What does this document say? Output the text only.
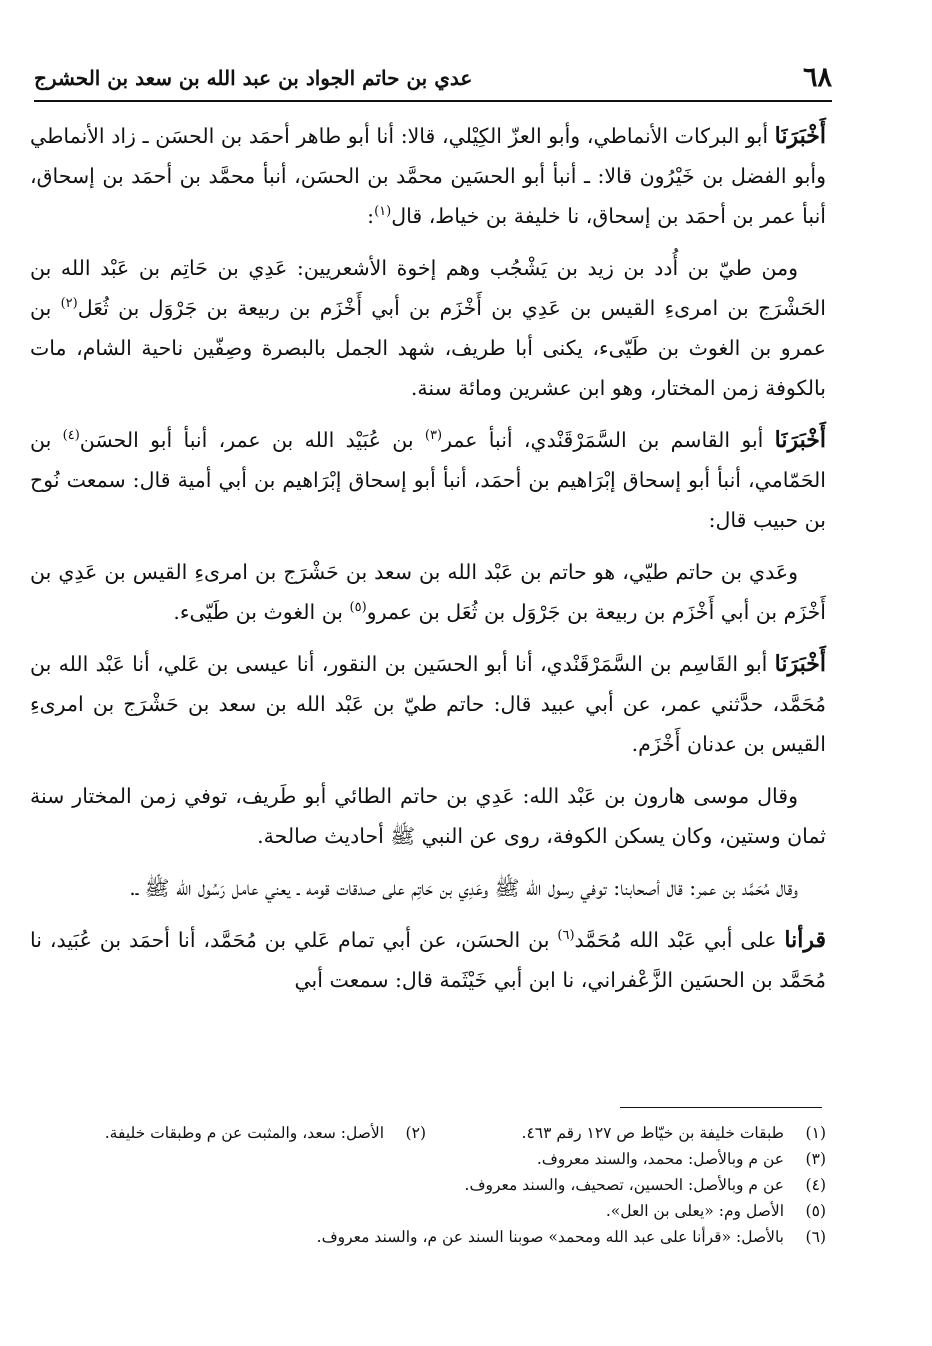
٦٨
عدي بن حاتم الجواد بن عبد الله بن سعد بن الحشرج

أَخْبَرَنَا أبو البركات الأنماطي، وأبو العزّ الكِيْلي، قالا: أنا أبو طاهر أحمَد بن الحسَن ـ زاد الأنماطي وأبو الفضل بن خَيْرُون قالا: ـ أنبأ أبو الحسَين محمَّد بن الحسَن، أنبأ محمَّد بن أحمَد بن إسحاق، أنبأ عمر بن أحمَد بن إسحاق، نا خليفة بن خياط، قال$^{(١)}$:

ومن طيّ بن أُدد بن زيد بن يَشْجُب وهم إخوة الأشعريين: عَدِي بن حَاتِم بن عَبْد الله بن الحَشْرَج بن امرىءِ القيس بن عَدِي بن أَخْزَم بن أبي أَخْزَم بن ربيعة بن جَرْوَل بن ثُعَل$^{(٢)}$ بن عمرو بن الغوث بن طَيّىء، يكنى أبا طريف، شهد الجمل بالبصرة وصِفّين ناحية الشام، مات بالكوفة زمن المختار، وهو ابن عشرين ومائة سنة.

أَخْبَرَنَا أبو القاسم بن السَّمَرْقَنْدي، أنبأ عمر$^{(٣)}$ بن عُبَيْد الله بن عمر، أنبأ أبو الحسَن$^{(٤)}$ بن الحَمّامي، أنبأ أبو إسحاق إبْرَاهيم بن أحمَد، أنبأ أبو إسحاق إبْرَاهيم بن أبي أمية قال: سمعت نُوح بن حبيب قال:

وعَدي بن حاتم طيّي، هو حاتم بن عَبْد الله بن سعد بن حَشْرَج بن امرىءِ القيس بن عَدِي بن أَخْزَم بن أبي أَخْزَم بن ربيعة بن جَرْوَل بن ثُعَل بن عمرو$^{(٥)}$ بن الغوث بن طَيّىء.

أَخْبَرَنَا أبو القَاسِم بن السَّمَرْقَنْدي، أنا أبو الحسَين بن النقور، أنا عيسى بن عَلي، أنا عَبْد الله بن مُحَمَّد، حدَّثني عمر، عن أبي عبيد قال: حاتم طيّ بن عَبْد الله بن سعد بن حَشْرَج بن امرىءِ القيس بن عدنان أَخْزَم.

وقال موسى هارون بن عَبْد الله: عَدِي بن حاتم الطائي أبو طَريف، توفي زمن المختار سنة ثمان وستين، وكان يسكن الكوفة، روى عن النبي ﷺ أحاديث صالحة.

وقال مُحَمَّد بن عمر: قال أصحابنا: توفي رسول الله ﷺ وعَدِي بن حَاتِم على صدقات قومه ـ يعني عامل رَسُول الله ﷺ ـ.

قرأنا على أبي عَبْد الله مُحَمَّد$^{(٦)}$ بن الحسَن، عن أبي تمام عَلي بن مُحَمَّد، أنا أحمَد بن عُبَيد، نا مُحَمَّد بن الحسَين الزَّعْفراني، نا ابن أبي خَيْثَمة قال: سمعت أبي

(١)
طبقات خليفة بن خيّاط ص ١٢٧ رقم ٤٦٣.
(٢)
الأصل: سعد، والمثبت عن م وطبقات خليفة.
(٣)
عن م وبالأصل: محمد، والسند معروف.
(٤)
عن م وبالأصل: الحسين، تصحيف، والسند معروف.
(٥)
الأصل وم: «يعلى بن العل».
(٦)
بالأصل: «قرأنا على عبد الله ومحمد» صوبنا السند عن م، والسند معروف.
